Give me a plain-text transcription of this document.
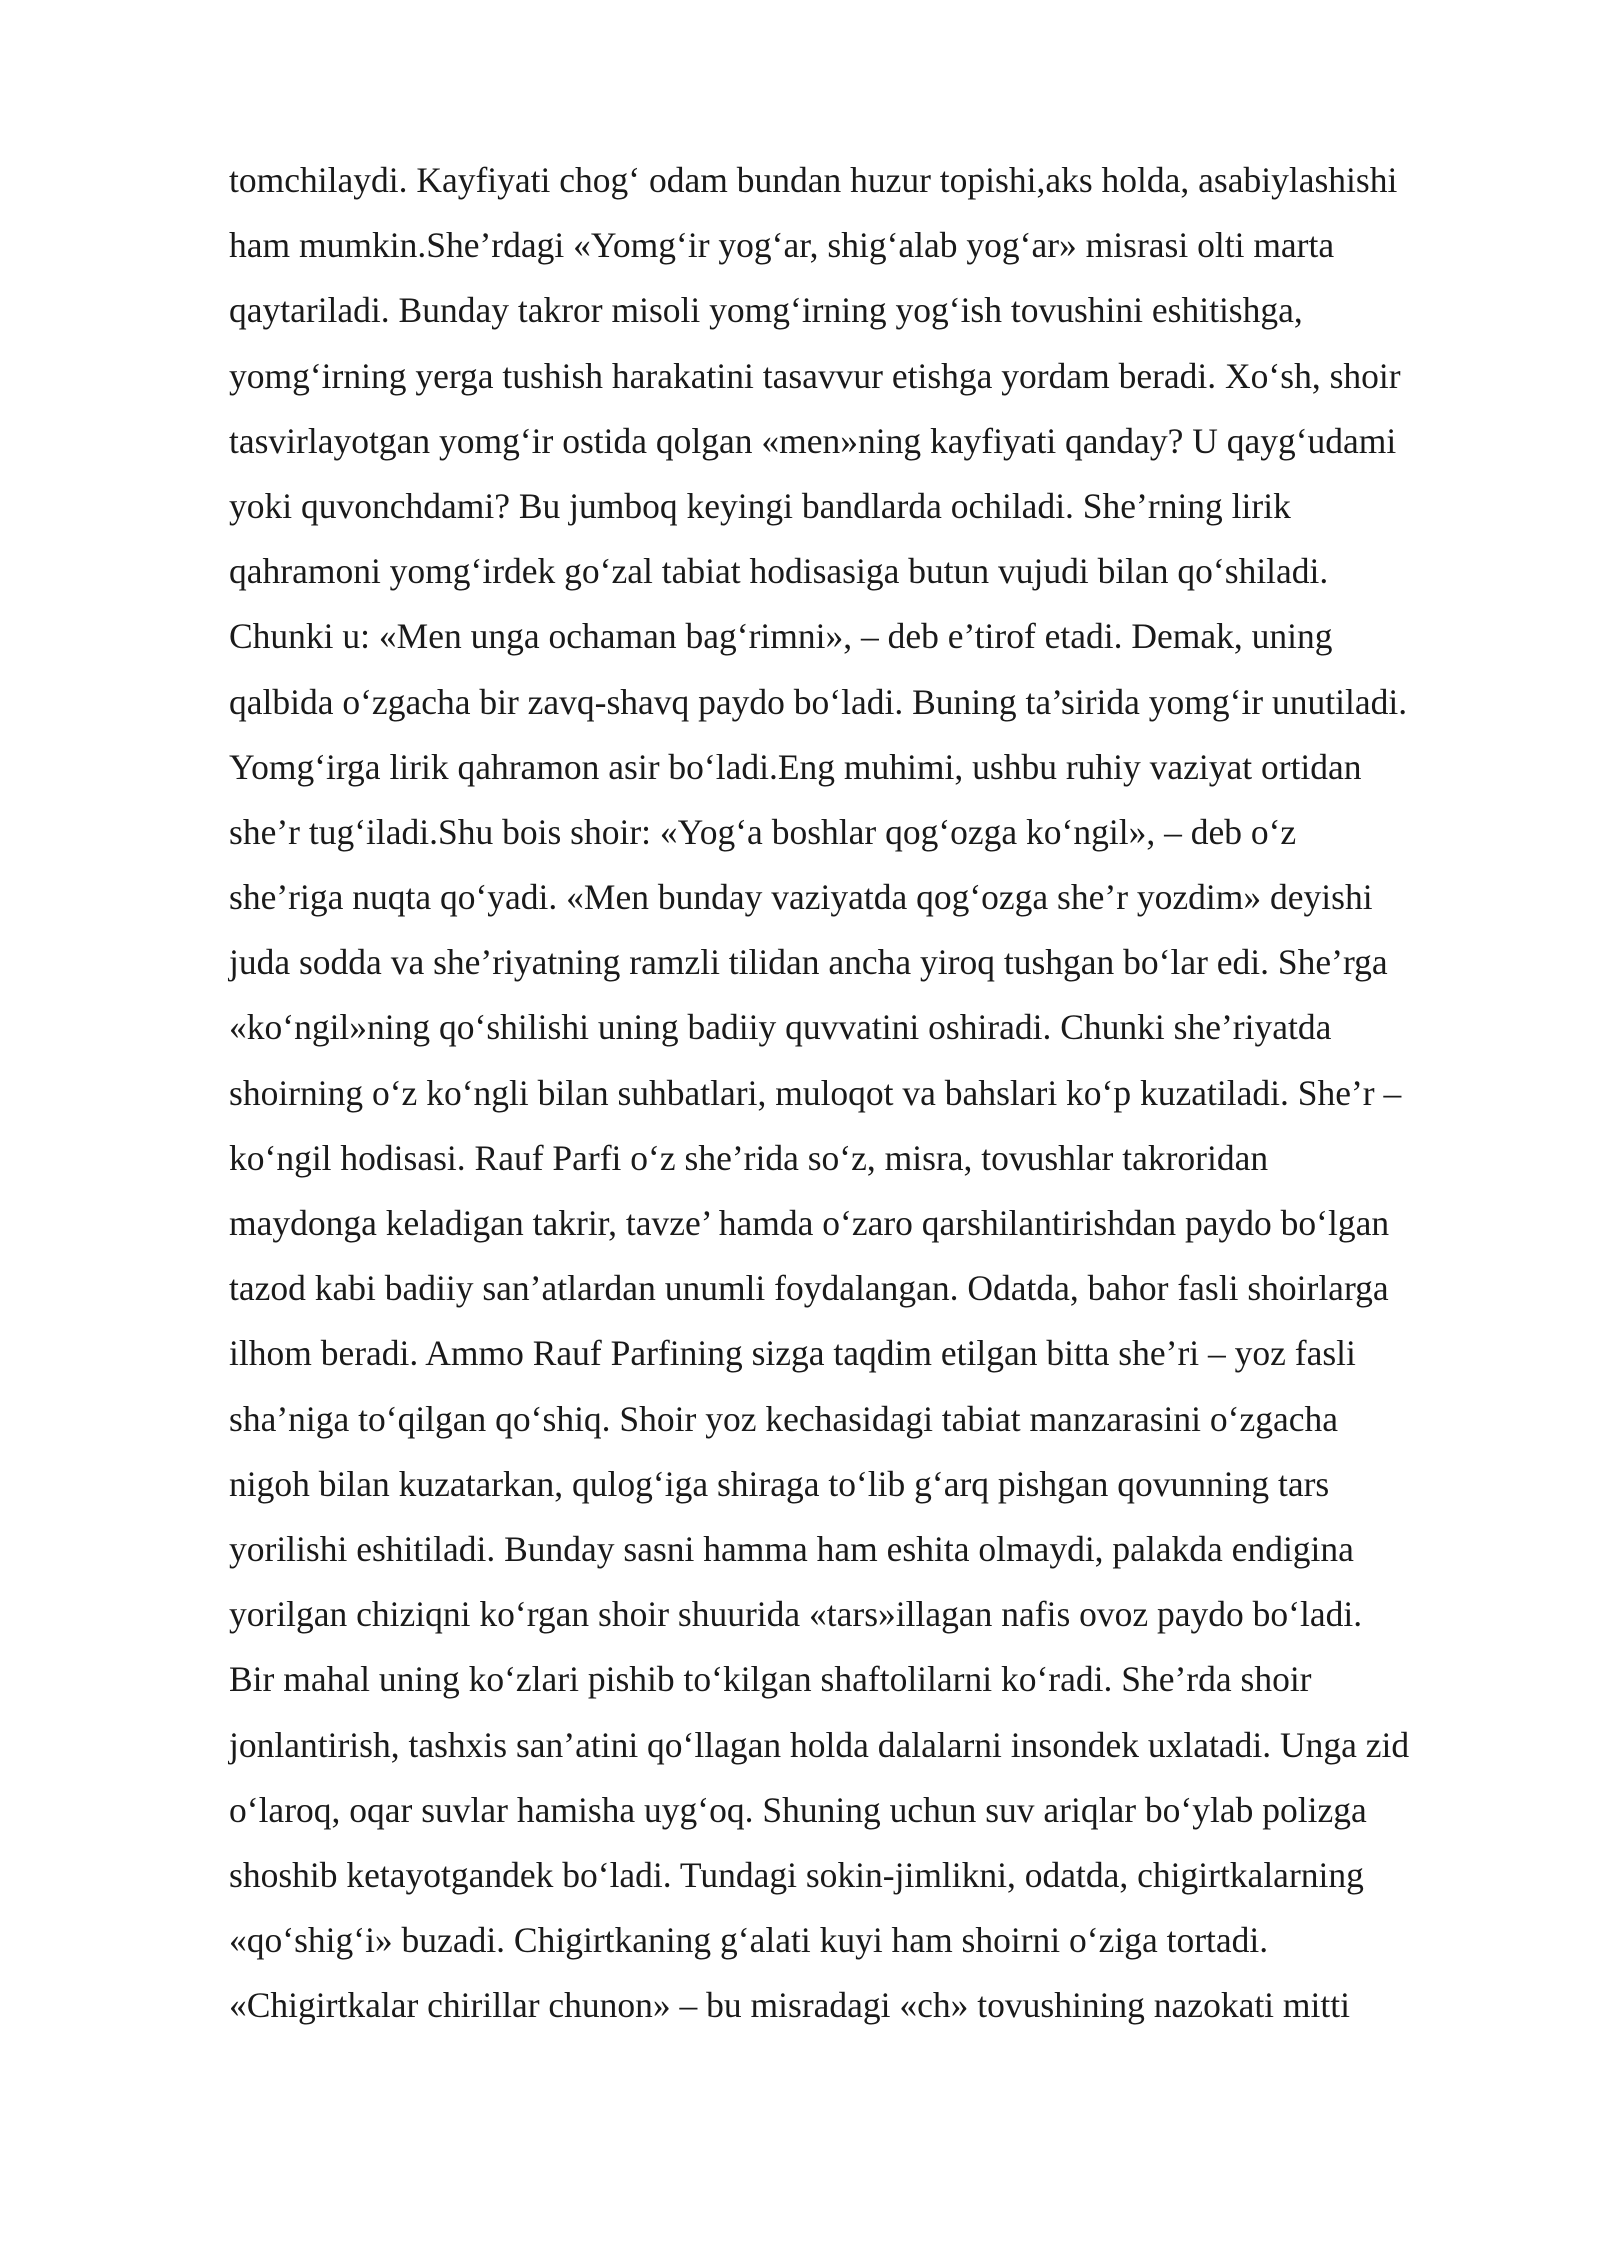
tomchilaydi. Kayfiyati chog‘ odam bundan huzur topishi,aks holda, asabiylashishi
ham mumkin.She’rdagi «Yomg‘ir yog‘ar, shig‘alab yog‘ar» misrasi olti marta
qaytariladi. Bunday takror misoli yomg‘irning yog‘ish tovushini eshitishga,
yomg‘irning yerga tushish harakatini tasavvur etishga yordam beradi. Xo‘sh, shoir
tasvirlayotgan yomg‘ir ostida qolgan «men»ning kayfiyati qanday? U qayg‘udami
yoki quvonchdami? Bu jumboq keyingi bandlarda ochiladi. She’rning lirik
qahramoni yomg‘irdek go‘zal tabiat hodisasiga butun vujudi bilan qo‘shiladi.
Chunki u: «Men unga ochaman bag‘rimni», – deb e’tirof etadi. Demak, uning
qalbida o‘zgacha bir zavq-shavq paydo bo‘ladi. Buning ta’sirida yomg‘ir unutiladi.
Yomg‘irga lirik qahramon asir bo‘ladi.Eng muhimi, ushbu ruhiy vaziyat ortidan
she’r tug‘iladi.Shu bois shoir: «Yog‘a boshlar qog‘ozga ko‘ngil», – deb o‘z
she’riga nuqta qo‘yadi. «Men bunday vaziyatda qog‘ozga she’r yozdim» deyishi
juda sodda va she’riyatning ramzli tilidan ancha yiroq tushgan bo‘lar edi. She’rga
«ko‘ngil»ning qo‘shilishi uning badiiy quvvatini oshiradi. Chunki she’riyatda
shoirning o‘z ko‘ngli bilan suhbatlari, muloqot va bahslari ko‘p kuzatiladi. She’r –
ko‘ngil hodisasi. Rauf Parfi o‘z she’rida so‘z, misra, tovushlar takroridan
maydonga keladigan takrir, tavze’ hamda o‘zaro qarshilantirishdan paydo bo‘lgan
tazod kabi badiiy san’atlardan unumli foydalangan. Odatda, bahor fasli shoirlarga
ilhom beradi. Ammo Rauf Parfining sizga taqdim etilgan bitta she’ri – yoz fasli
sha’niga to‘qilgan qo‘shiq. Shoir yoz kechasidagi tabiat manzarasini o‘zgacha
nigoh bilan kuzatarkan, qulog‘iga shiraga to‘lib g‘arq pishgan qovunning tars
yorilishi eshitiladi. Bunday sasni hamma ham eshita olmaydi, palakda endigina
yorilgan chiziqni ko‘rgan shoir shuurida «tars»illagan nafis ovoz paydo bo‘ladi.
Bir mahal uning ko‘zlari pishib to‘kilgan shaftolilarni ko‘radi. She’rda shoir
jonlantirish, tashxis san’atini qo‘llagan holda dalalarni insondek uxlatadi. Unga zid
o‘laroq, oqar suvlar hamisha uyg‘oq. Shuning uchun suv ariqlar bo‘ylab polizga
shoshib ketayotgandek bo‘ladi. Tundagi sokin-jimlikni, odatda, chigirtkalarning
«qo‘shig‘i» buzadi. Chigirtkaning g‘alati kuyi ham shoirni o‘ziga tortadi.
«Chigirtkalar chirillar chunon» – bu misradagi «ch» tovushining nazokati mitti
